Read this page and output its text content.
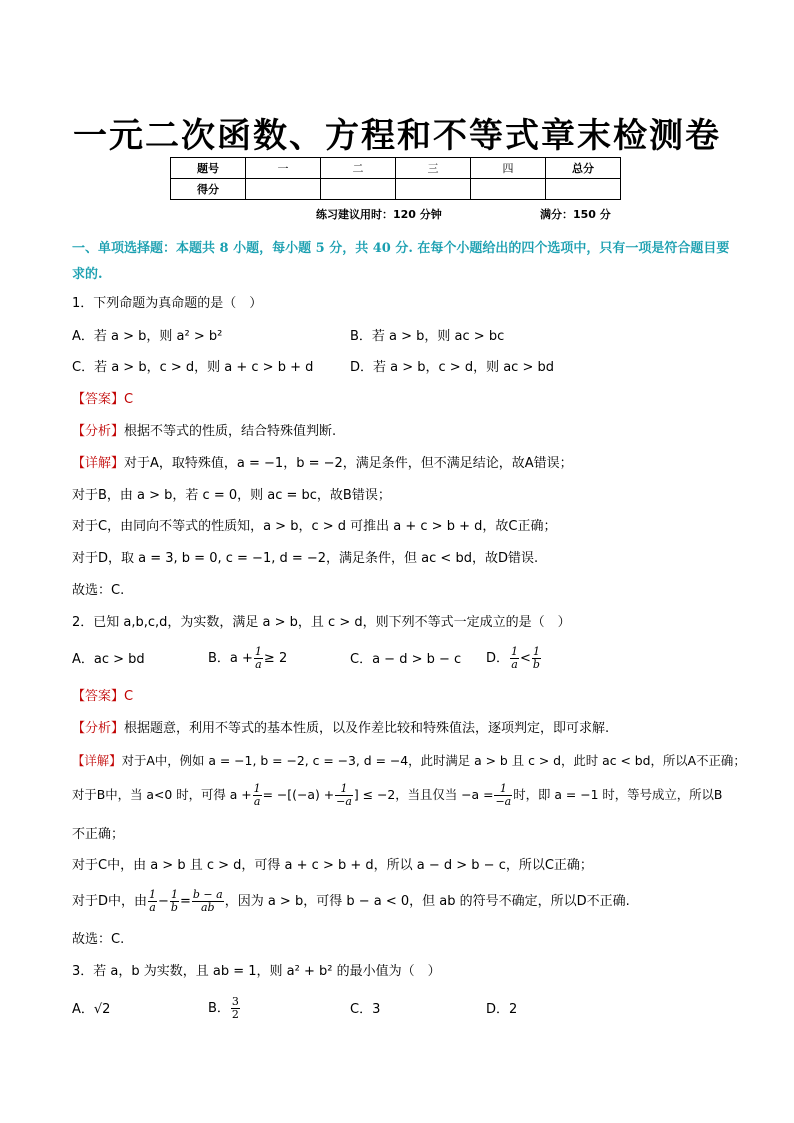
一元二次函数、方程和不等式章末检测卷
题号	一	二	三	四	总分
得分					
练习建议用时：120 分钟	满分：150 分
一、单项选择题：本题共 8 小题，每小题 5 分，共 40 分. 在每个小题给出的四个选项中，只有一项是符合题目要求的.
1．下列命题为真命题的是（　）
A．若 a > b，则 a² > b²	B．若 a > b，则 ac > bc
C．若 a > b，c > d，则 a + c > b + d	D．若 a > b，c > d，则 ac > bd
【答案】C
【分析】根据不等式的性质，结合特殊值判断.
【详解】对于A，取特殊值，a = −1，b = −2，满足条件，但不满足结论，故A错误；
对于B，由 a > b，若 c = 0，则 ac = bc，故B错误；
对于C，由同向不等式的性质知，a > b，c > d 可推出 a + c > b + d，故C正确；
对于D，取 a = 3, b = 0, c = −1, d = −2，满足条件，但 ac < bd，故D错误.
故选：C.
2．已知 a,b,c,d，为实数，满足 a > b，且 c > d，则下列不等式一定成立的是（　）
A．ac > bd	B．$a + \frac{1}{a} \ge 2$	C．a − d > b − c D． $\frac{1}{a} < \frac{1}{b}$
【答案】C
【分析】根据题意，利用不等式的基本性质，以及作差比较和特殊值法，逐项判定，即可求解.
【详解】对于A中，例如 a = −1, b = −2, c = −3, d = −4，此时满足 a > b 且 c > d，此时 ac < bd，所以A不正确；
对于B中，当 a<0 时，可得 $a + \frac{1}{a} = -[(-a) + \frac{1}{-a}$ ] ≤ −2，当且仅当 $-a = \frac{1}{-a}$ 时，即 a = −1 时，等号成立，所以B
不正确；
对于C中，由 a > b 且 c > d，可得 a + c > b + d，所以 a − d > b − c，所以C正确；
对于D中，由 $\frac{1}{a} - \frac{1}{b} = \frac{b - a}{ab}$ ，因为 a > b，可得 b − a < 0，但 ab 的符号不确定，所以D不正确.
故选：C.
3．若 a，b 为实数，且 ab = 1，则 a² + b² 的最小值为（　）
A．√2	B． $\frac{3}{2}$	C．3	D．2
